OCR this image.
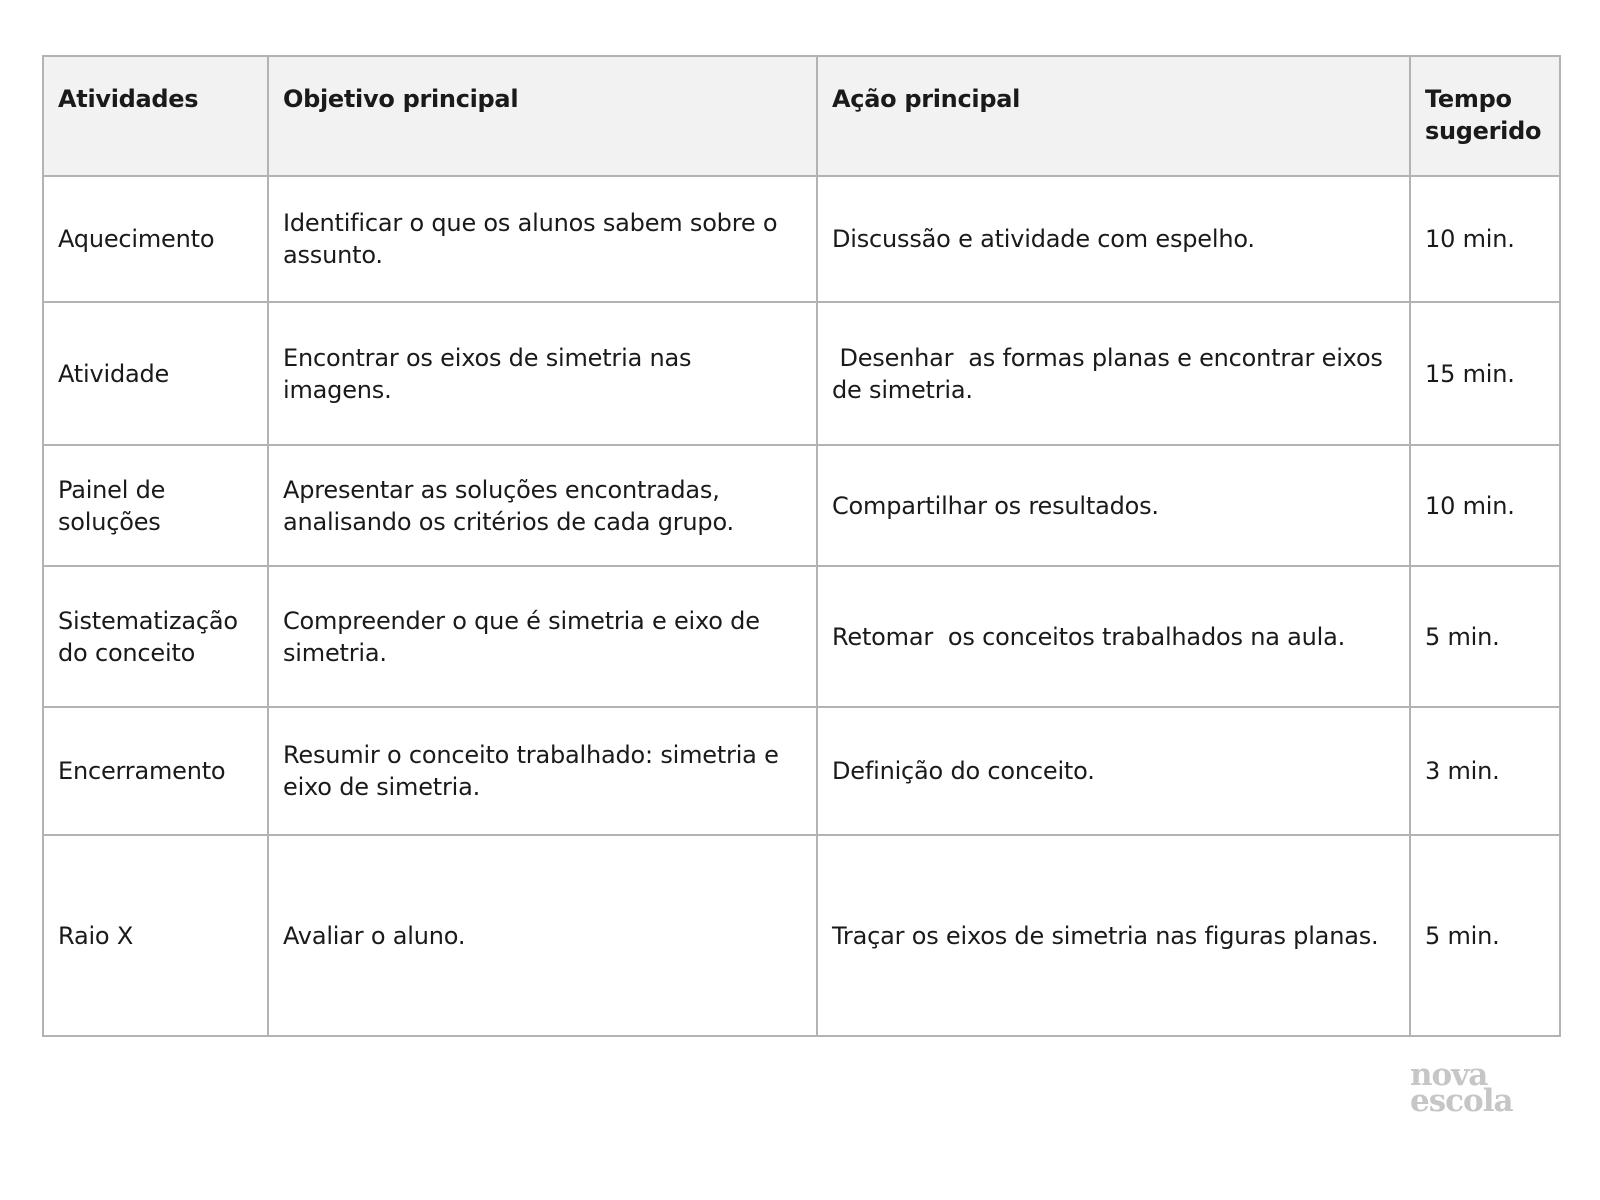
Atividades	Objetivo principal	Ação principal	Tempo sugerido
Aquecimento	Identificar o que os alunos sabem sobre o assunto.	Discussão e atividade com espelho.	10 min.
Atividade	Encontrar os eixos de simetria nas imagens.	Desenhar  as formas planas e encontrar eixos de simetria.	15 min.
Painel de soluções	Apresentar as soluções encontradas, analisando os critérios de cada grupo.	Compartilhar os resultados.	10 min.
Sistematização do conceito	Compreender o que é simetria e eixo de simetria.	Retomar  os conceitos trabalhados na aula.	5 min.
Encerramento	Resumir o conceito trabalhado: simetria e eixo de simetria.	Definição do conceito.	3 min.
Raio X	Avaliar o aluno.	Traçar os eixos de simetria nas figuras planas.	5 min.
nova
escola
